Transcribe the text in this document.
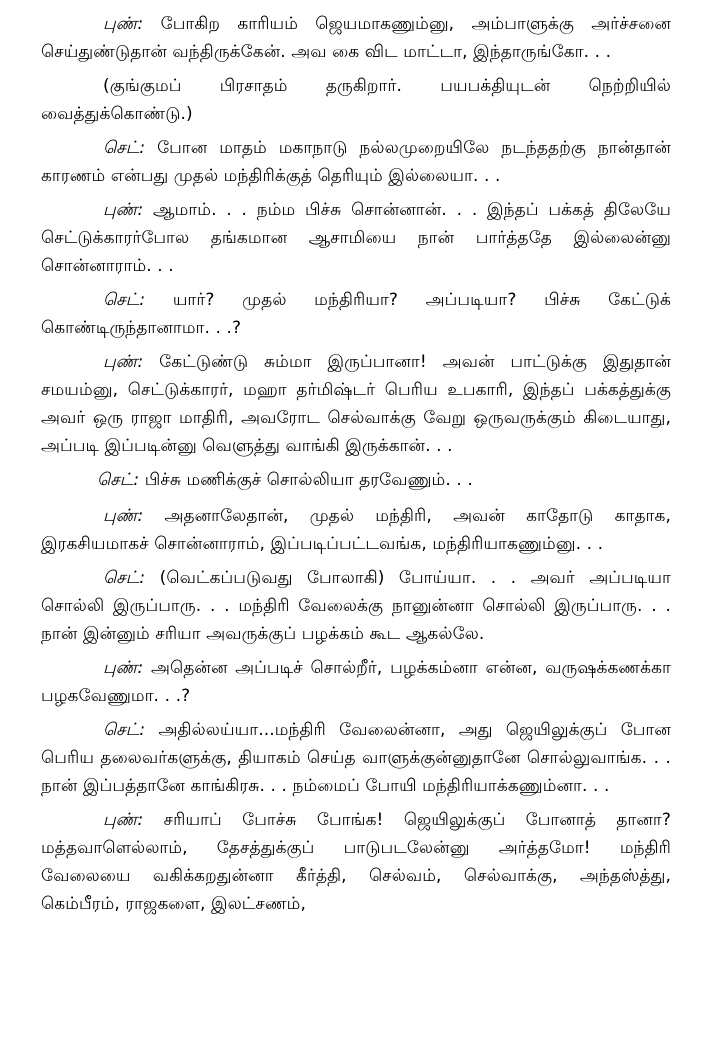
புண்: போகிற காரியம் ஜெயமாகணும்னு, அம்பாளுக்கு அர்ச்சனை செய்துண்டுதான் வந்திருக்கேன். அவ கை விட மாட்டா, இந்தாருங்கோ. . .

(குங்குமப் பிரசாதம் தருகிறார். பயபக்தியுடன் நெற்றியில் வைத்துக்கொண்டு.)

செட்: போன மாதம் மகாநாடு நல்லமுறையிலே நடந்ததற்கு நான்தான் காரணம் என்பது முதல் மந்திரிக்குத் தெரியும் இல்லையா. . .

புண்: ஆமாம். . . நம்ம பிச்சு சொன்னான். . . இந்தப் பக்கத் திலேயே செட்டுக்காரர்போல தங்கமான ஆசாமியை நான் பார்த்ததே இல்லைன்னு சொன்னாராம். . .

செட்: யார்? முதல் மந்திரியா? அப்படியா? பிச்சு கேட்டுக் கொண்டிருந்தானாமா. . .?

புண்: கேட்டுண்டு சும்மா இருப்பானா! அவன் பாட்டுக்கு இதுதான் சமயம்னு, செட்டுக்காரர், மஹா தர்மிஷ்டர் பெரிய உபகாரி, இந்தப் பக்கத்துக்கு அவர் ஒரு ராஜா மாதிரி, அவரோட செல்வாக்கு வேறு ஒருவருக்கும் கிடையாது, அப்படி இப்படின்னு வெளுத்து வாங்கி இருக்கான். . .

செட்: பிச்சு மணிக்குச் சொல்லியா தரவேணும். . .

புண்: அதனாலேதான், முதல் மந்திரி, அவன் காதோடு காதாக, இரகசியமாகச் சொன்னாராம், இப்படிப்பட்டவங்க, மந்திரியாகணும்னு. . .

செட்: (வெட்கப்படுவது போலாகி) போய்யா. . . அவர் அப்படியா சொல்லி இருப்பாரு. . . மந்திரி வேலைக்கு நானுன்னா சொல்லி இருப்பாரு. . . நான் இன்னும் சரியா அவருக்குப் பழக்கம் கூட ஆகல்லே.

புண்: அதென்ன அப்படிச் சொல்றீர், பழக்கம்னா என்ன, வருஷக்கணக்கா பழகவேணுமா. . .?

செட்: அதில்லய்யா...மந்திரி வேலைன்னா, அது ஜெயிலுக்குப் போன பெரிய தலைவர்களுக்கு, தியாகம் செய்த வாளுக்குன்னுதானே சொல்லுவாங்க. . . நான் இப்பத்தானே காங்கிரசு. . . நம்மைப் போயி மந்திரியாக்கணும்னா. . .

புண்: சரியாப் போச்சு போங்க! ஜெயிலுக்குப் போனாத் தானா? மத்தவாளெல்லாம், தேசத்துக்குப் பாடுபடலேன்னு அர்த்தமோ! மந்திரி வேலையை வகிக்கறதுன்னா கீர்த்தி, செல்வம், செல்வாக்கு, அந்தஸ்த்து, கெம்பீரம், ராஜகளை, இலட்சணம்,
